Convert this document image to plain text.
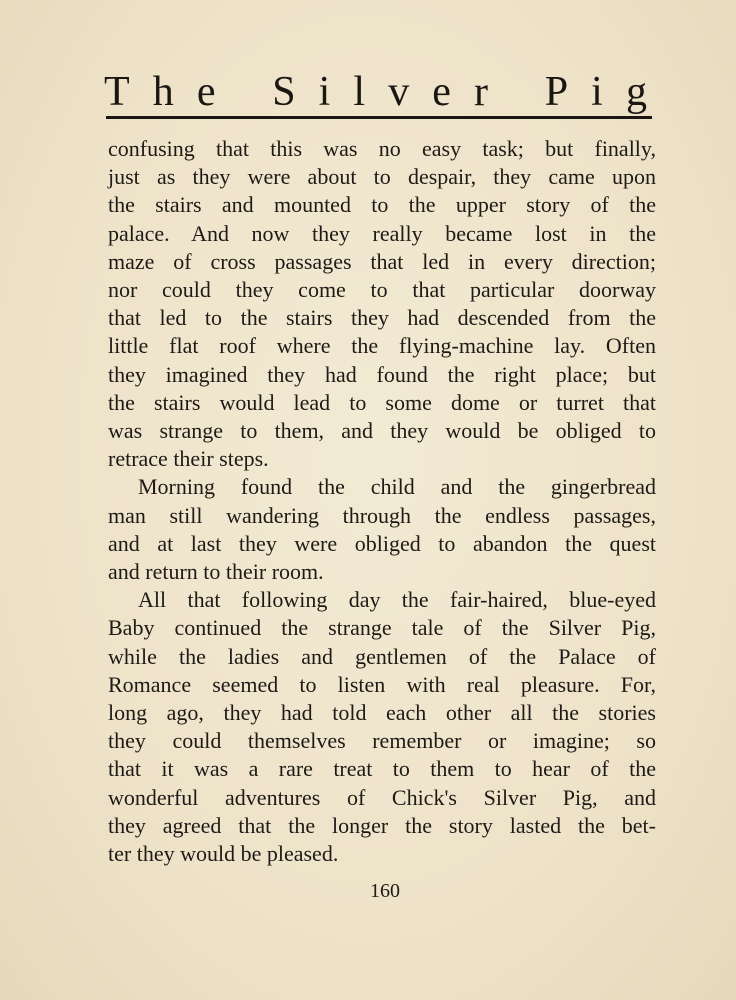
The Silver Pig
confusing that this was no easy task; but finally,
just as they were about to despair, they came upon
the stairs and mounted to the upper story of the
palace. And now they really became lost in the
maze of cross passages that led in every direction;
nor could they come to that particular doorway
that led to the stairs they had descended from the
little flat roof where the flying-machine lay. Often
they imagined they had found the right place; but
the stairs would lead to some dome or turret that
was strange to them, and they would be obliged to
retrace their steps.
Morning found the child and the gingerbread
man still wandering through the endless passages,
and at last they were obliged to abandon the quest
and return to their room.
All that following day the fair-haired, blue-eyed
Baby continued the strange tale of the Silver Pig,
while the ladies and gentlemen of the Palace of
Romance seemed to listen with real pleasure. For,
long ago, they had told each other all the stories
they could themselves remember or imagine; so
that it was a rare treat to them to hear of the
wonderful adventures of Chick's Silver Pig, and
they agreed that the longer the story lasted the bet-
ter they would be pleased.
160
